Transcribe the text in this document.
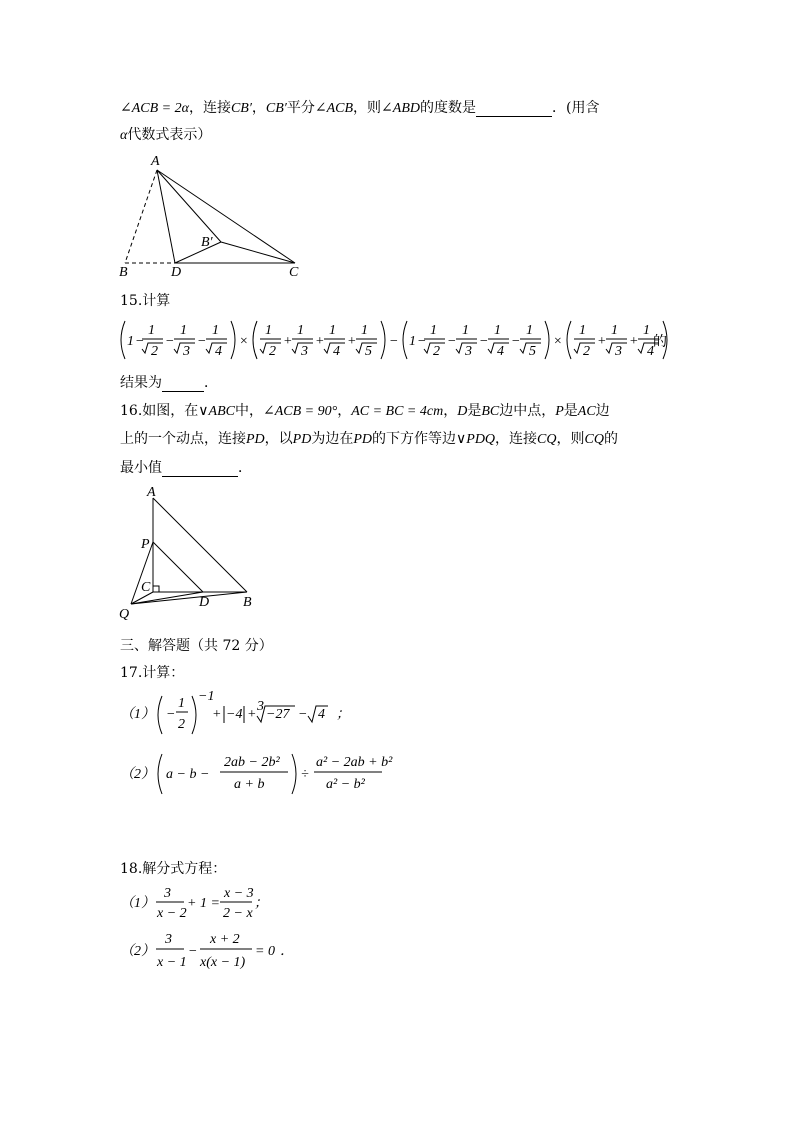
∠ACB = 2α，连接CB′，CB′平分∠ACB，则∠ABD的度数是	．(用含
α代数式表示）
A
B	D	C
B′
15.计算
1 −
1
2
−
1
3
−
1
4
×
1
2
+
1
3
+
1
4
+
1
5
− 1 −
1
2
−
1
3
−
1
4
−
1
5
×
1
2
+
1
3
+
1
4
的
结果为	．
16.如图，在∨ABC中，∠ACB = 90°，AC = BC = 4cm，D是BC边中点，P是AC边
上的一个动点，连接PD，以PD为边在PD的下方作等边∨PDQ，连接CQ，则CQ的
最小值	．
A
P
C
Q
D B
三、解答题（共 72 分）
17.计算：
（1） −
1
2
−1
+ −4 +
3
−27 − 4 ；
（2） a − b −
2ab − 2b²
a + b
÷
a² − 2ab + b²
a² − b²
18.解分式方程：
（1）
3
x − 2
+ 1 =
x − 3
2 − x
；
（2）
3
x − 1
−
x + 2
x(x − 1)
= 0 ．
